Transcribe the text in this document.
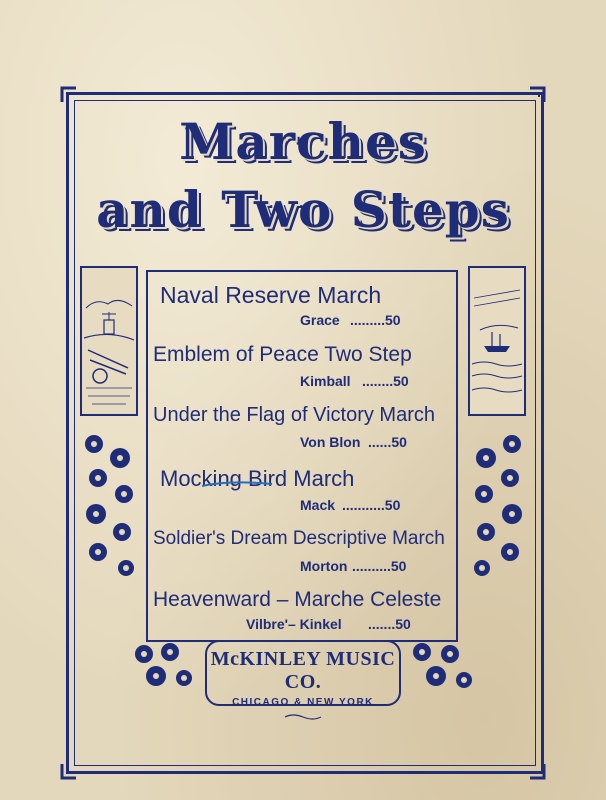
Marches
and Two Steps
Naval Reserve March
Grace .........50
Emblem of Peace Two Step
Kimball ........50
Under the Flag of Victory March
Von Blon ......50
Mocking Bird March
Mack ...........50
Soldier's Dream Descriptive March
Morton ..........50
Heavenward – Marche Celeste
Vilbre'– Kinkel .......50
McKINLEY MUSIC CO.
CHICAGO & NEW YORK
